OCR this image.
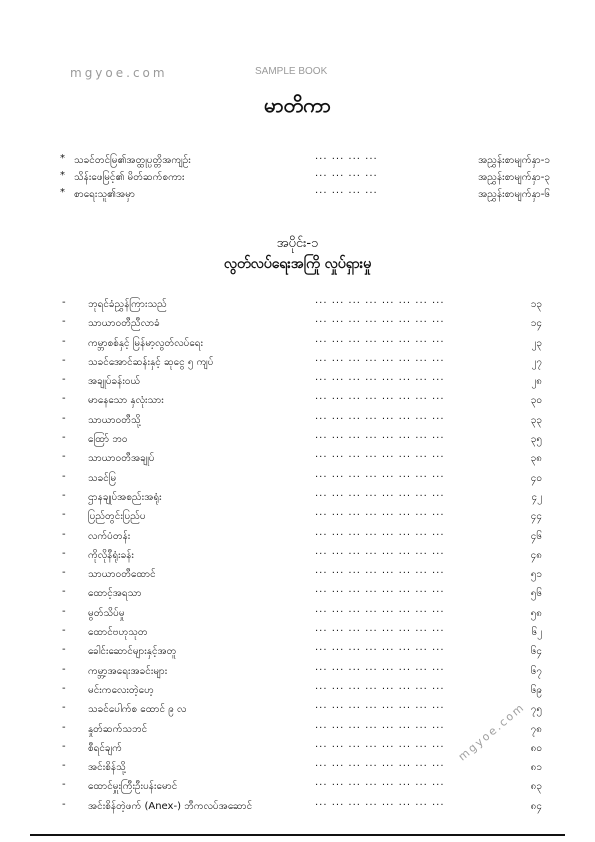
mgyoe.com	SAMPLE BOOK
မာတိကာ
* သခင်တင်မြ၏အတ္ထုပ္ပတ္တိအကျဉ်း	... ... ... ...	အညွှန်းစာမျက်နှာ-၁
* သိန်းဖေမြင့်၏ မိတ်ဆက်စကား	... ... ... ...	အညွှန်းစာမျက်နှာ-၃
* စာရေးသူ၏အမှာ	... ... ... ...	အညွှန်းစာမျက်နှာ-၆
အပိုင်း-၁
လွတ်လပ်ရေးအကြို လှုပ်ရှားမှု
- ဘုရင်ခံညွှန်ကြားသည်	... ... ... ... ... ... ... ...	၁၃
- သာယာဝတီညီလာခံ	... ... ... ... ... ... ... ...	၁၄
- ကမ္ဘာစစ်နှင့် မြန်မာ့လွတ်လပ်ရေး	... ... ... ... ... ... ... ...	၂၃
- သခင်အောင်ဆန်းနှင့် ဆုငွေ ၅ ကျပ်	... ... ... ... ... ... ... ...	၂၇
- အချုပ်ခန်းဝယ်	... ... ... ... ... ... ... ...	၂၈
- မာနေသော နှလုံးသား	... ... ... ... ... ... ... ...	၃၀
- သာယာဝတီသို့	... ... ... ... ... ... ... ...	၃၃
- ထြော် ဘဝ	... ... ... ... ... ... ... ...	၃၅
- သာယာဝတီအချုပ်	... ... ... ... ... ... ... ...	၃၈
- သခင်မြ	... ... ... ... ... ... ... ...	၄၀
- ဌာနချုပ်အစည်းအရုံး	... ... ... ... ... ... ... ...	၄၂
- ပြည်တွင်းပြည်ပ	... ... ... ... ... ... ... ...	၄၄
- လက်ပံတန်း	... ... ... ... ... ... ... ...	၄၆
- ကိုလိုနီရုံးခန်း	... ... ... ... ... ... ... ...	၄၈
- သာယာဝတီထောင်	... ... ... ... ... ... ... ...	၅၁
- ထောင့်အရသာ	... ... ... ... ... ... ... ...	၅၆
- မွတ်သိပ်မှု	... ... ... ... ... ... ... ...	၅၈
- ထောင်ဗဟုသုတ	... ... ... ... ... ... ... ...	၆၂
- ခေါင်းဆောင်များနှင့်အတူ	... ... ... ... ... ... ... ...	၆၄
- ကမ္ဘာ့အရေးအခင်းများ	... ... ... ... ... ... ... ...	၆၇
- မင်းကလေးတဲ့ဟေ့	... ... ... ... ... ... ... ...	၆၉
- သခင်ပေါက်စ ထောင် ၉ လ	... ... ... ... ... ... ... ...	၇၅
- နှုတ်ဆက်သဘင်	... ... ... ... ... ... ... ...	၇၈
- စီရင်ချက်	... ... ... ... ... ... ... ...	၈၀
- အင်းစိန်သို့	... ... ... ... ... ... ... ...	၈၁
- ထောင်မှူးကြီးဦးပန်းမောင်	... ... ... ... ... ... ... ...	၈၃
- အင်းစိန်တဲ့ဖက် (Anex-) ဘီကလပ်အဆောင်	... ... ... ... ... ... ... ...	၈၄
mgyoe.com
